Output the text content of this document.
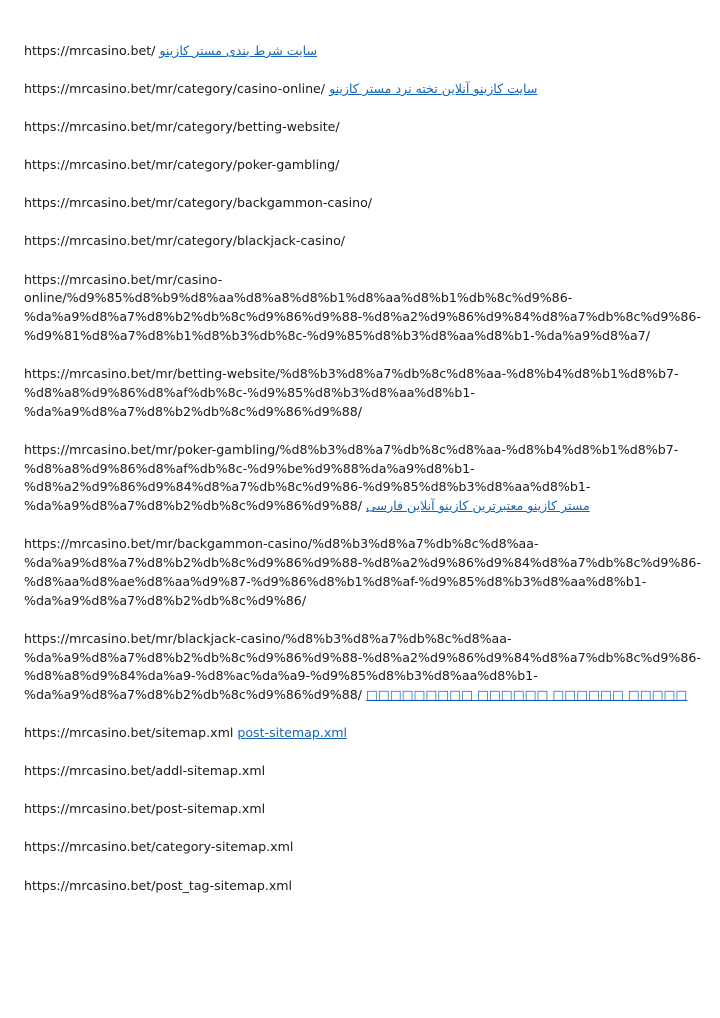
https://mrcasino.bet/ سایت شرط بندی مستر کازینو
https://mrcasino.bet/mr/category/casino-online/ سایت کازینو آنلاین تخته نرد مستر کازینو
https://mrcasino.bet/mr/category/betting-website/
https://mrcasino.bet/mr/category/poker-gambling/
https://mrcasino.bet/mr/category/backgammon-casino/
https://mrcasino.bet/mr/category/blackjack-casino/
https://mrcasino.bet/mr/casino-
online/%d9%85%d8%b9%d8%aa%d8%a8%d8%b1%d8%aa%d8%b1%db%8c%d9%86-
%da%a9%d8%a7%d8%b2%db%8c%d9%86%d9%88-%d8%a2%d9%86%d9%84%d8%a7%db%8c%d9%86-
%d9%81%d8%a7%d8%b1%d8%b3%db%8c-%d9%85%d8%b3%d8%aa%d8%b1-%da%a9%d8%a7/
https://mrcasino.bet/mr/betting-website/%d8%b3%d8%a7%db%8c%d8%aa-%d8%b4%d8%b1%d8%b7-
%d8%a8%d9%86%d8%af%db%8c-%d9%85%d8%b3%d8%aa%d8%b1-
%da%a9%d8%a7%d8%b2%db%8c%d9%86%d9%88/
https://mrcasino.bet/mr/poker-gambling/%d8%b3%d8%a7%db%8c%d8%aa-%d8%b4%d8%b1%d8%b7-
%d8%a8%d9%86%d8%af%db%8c-%d9%be%d9%88%da%a9%d8%b1-
%d8%a2%d9%86%d9%84%d8%a7%db%8c%d9%86-%d9%85%d8%b3%d8%aa%d8%b1-
%da%a9%d8%a7%d8%b2%db%8c%d9%86%d9%88/ مستر کازینو معتبرترین کازینو آنلاین فارسی
https://mrcasino.bet/mr/backgammon-casino/%d8%b3%d8%a7%db%8c%d8%aa-
%da%a9%d8%a7%d8%b2%db%8c%d9%86%d9%88-%d8%a2%d9%86%d9%84%d8%a7%db%8c%d9%86-
%d8%aa%d8%ae%d8%aa%d9%87-%d9%86%d8%b1%d8%af-%d9%85%d8%b3%d8%aa%d8%b1-
%da%a9%d8%a7%d8%b2%db%8c%d9%86/
https://mrcasino.bet/mr/blackjack-casino/%d8%b3%d8%a7%db%8c%d8%aa-
%da%a9%d8%a7%d8%b2%db%8c%d9%86%d9%88-%d8%a2%d9%86%d9%84%d8%a7%db%8c%d9%86-
%d8%a8%d9%84%da%a9-%d8%ac%da%a9-%d9%85%d8%b3%d8%aa%d8%b1-
%da%a9%d8%a7%d8%b2%db%8c%d9%86%d9%88/ □□□□□□□□□ □□□□□□ □□□□□□ □□□□□
https://mrcasino.bet/sitemap.xml post-sitemap.xml
https://mrcasino.bet/addl-sitemap.xml
https://mrcasino.bet/post-sitemap.xml
https://mrcasino.bet/category-sitemap.xml
https://mrcasino.bet/post_tag-sitemap.xml
